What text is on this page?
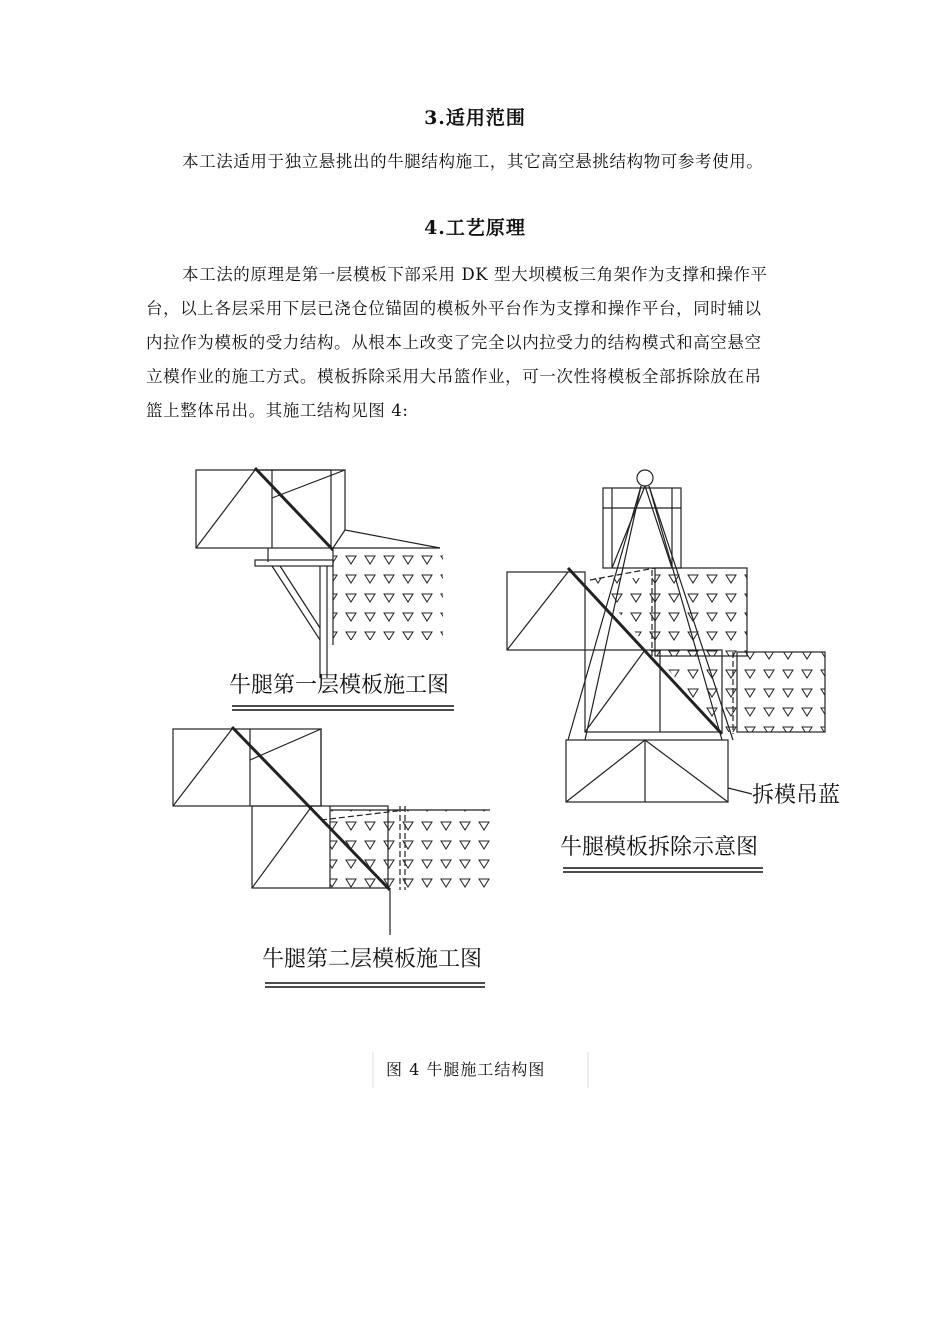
3.适用范围
本工法适用于独立悬挑出的牛腿结构施工，其它高空悬挑结构物可参考使用。
4.工艺原理
本工法的原理是第一层模板下部采用 DK 型大坝模板三角架作为支撑和操作平
台，以上各层采用下层已浇仓位锚固的模板外平台作为支撑和操作平台，同时辅以
内拉作为模板的受力结构。从根本上改变了完全以内拉受力的结构模式和高空悬空
立模作业的施工方式。模板拆除采用大吊篮作业，可一次性将模板全部拆除放在吊
篮上整体吊出。其施工结构见图 4:
牛腿第一层模板施工图
牛腿第二层模板施工图
拆模吊蓝
牛腿模板拆除示意图
图 4 牛腿施工结构图
